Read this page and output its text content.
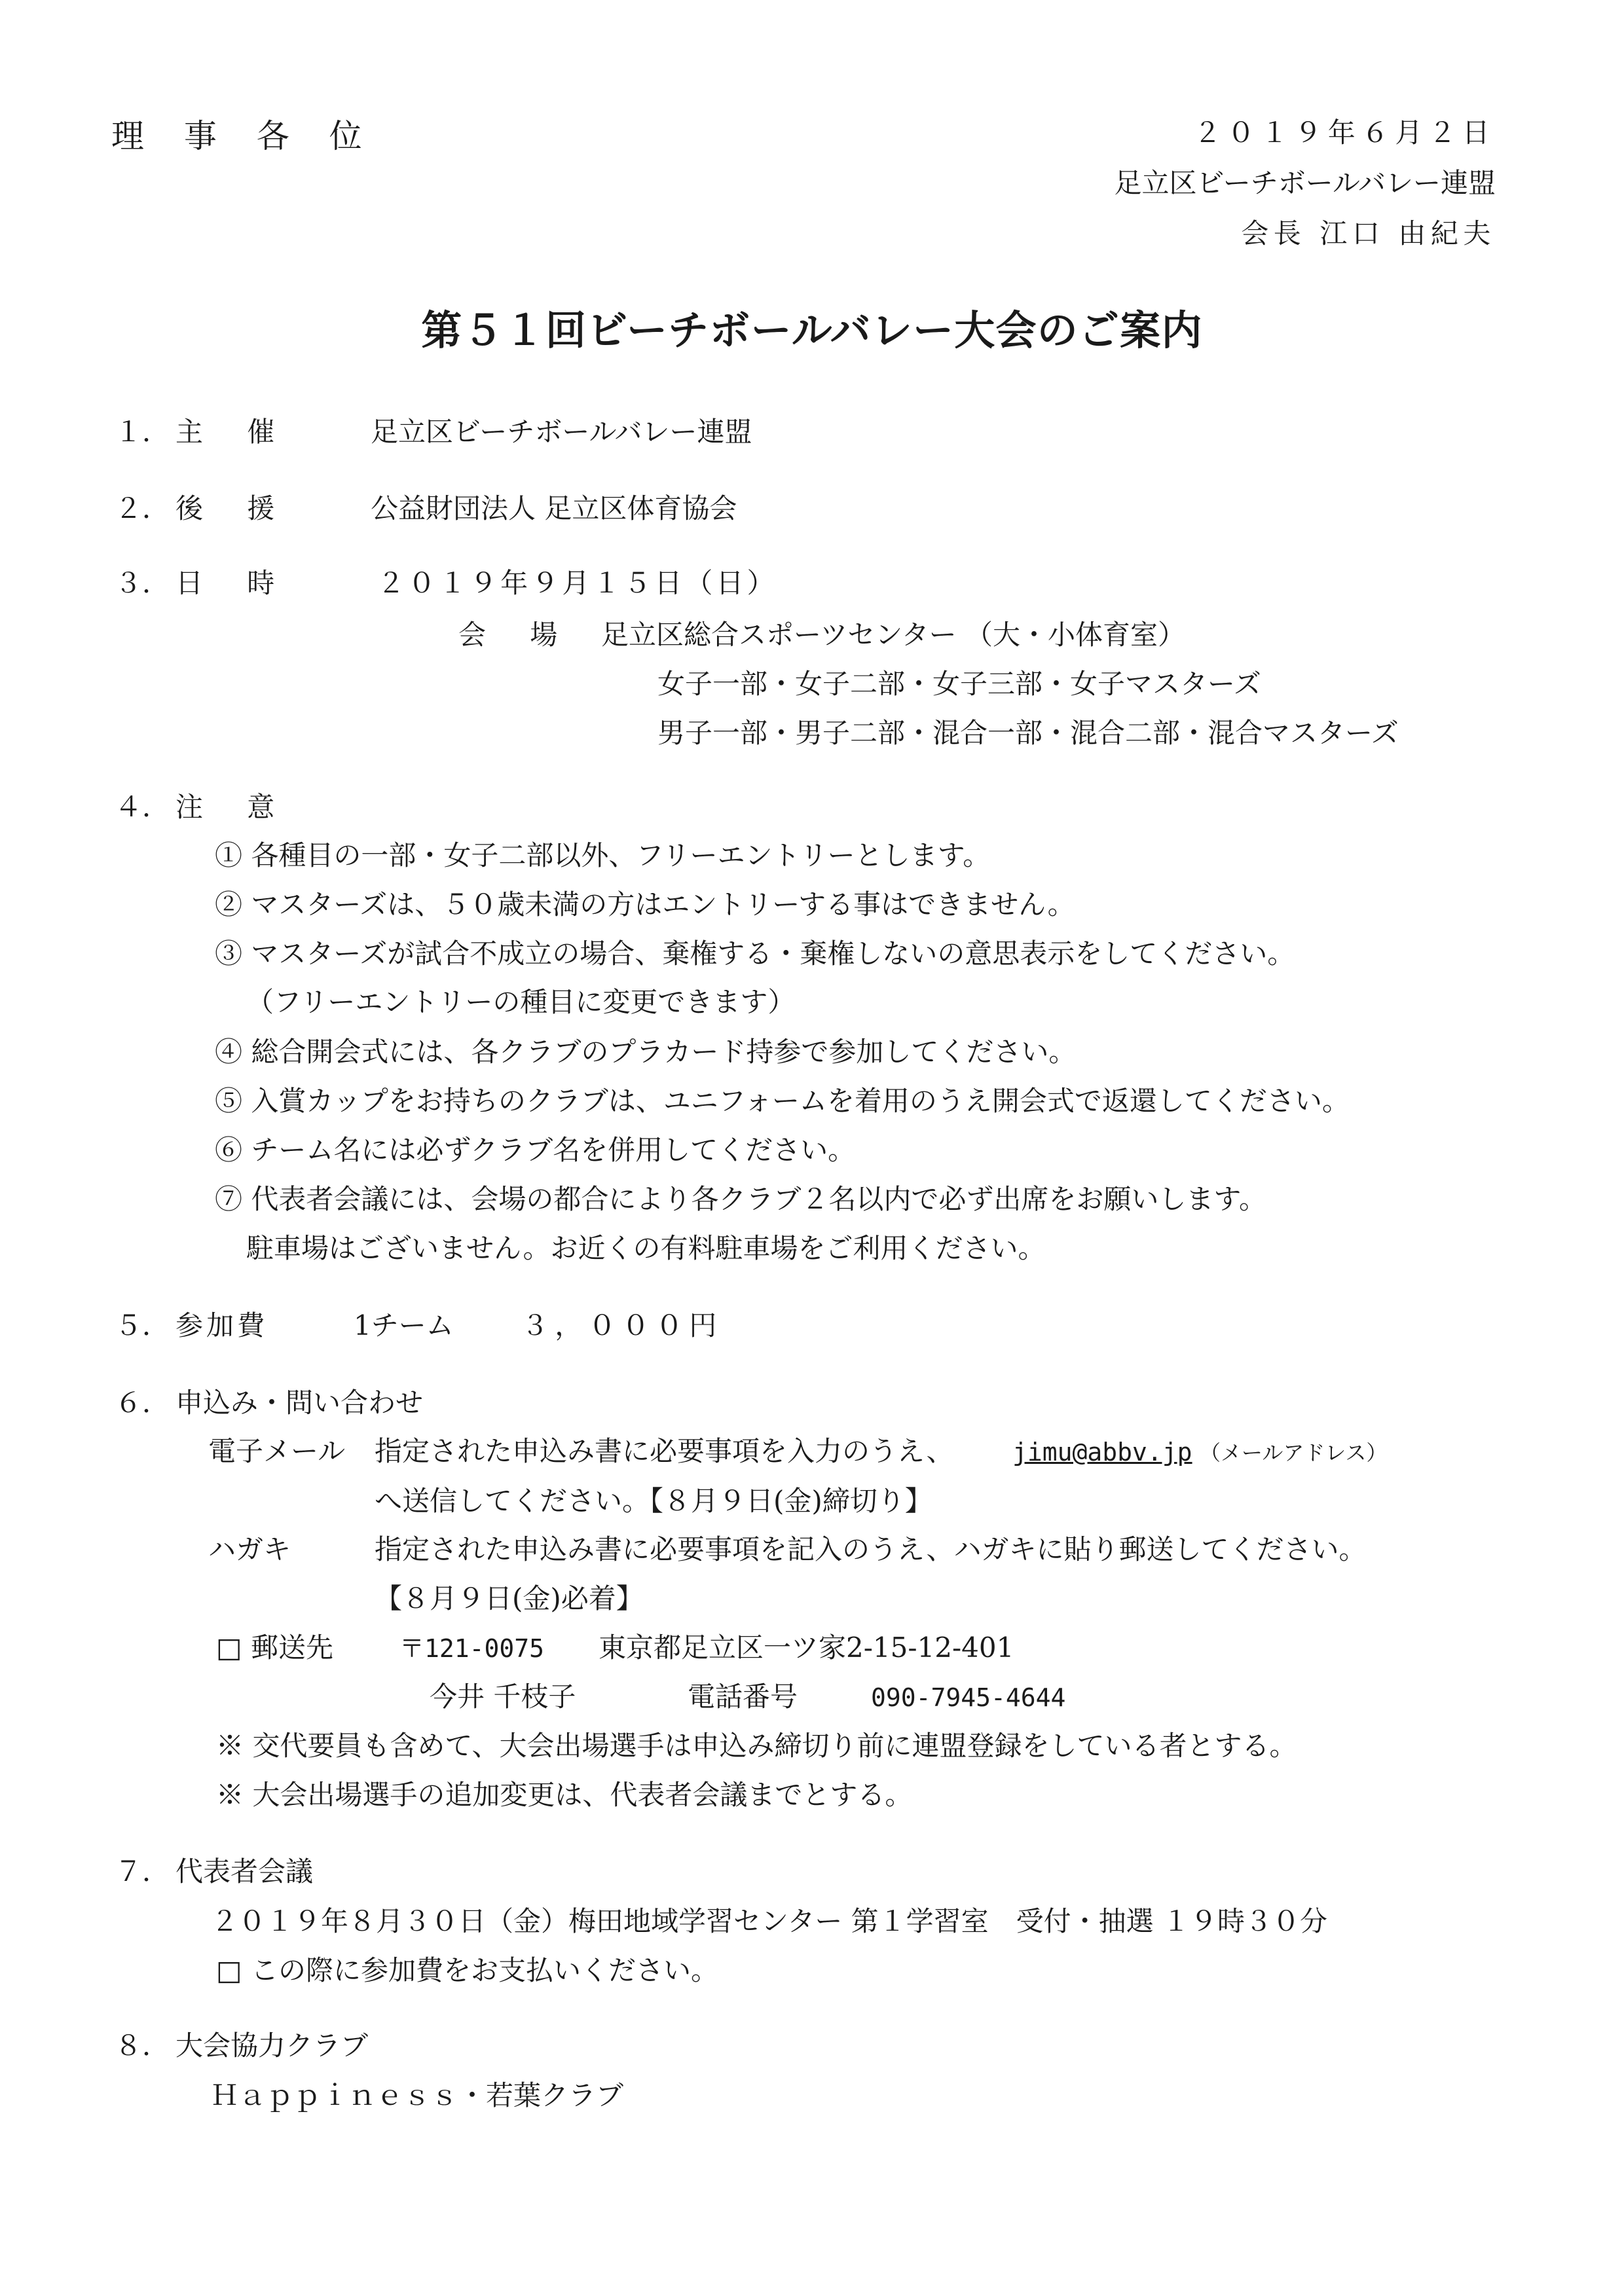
理 事 各 位	２０１９年６月２日
足立区ビーチボールバレー連盟
会長 江口 由紀夫
第５１回ビーチボールバレー大会のご案内
１． 主　催	足立区ビーチボールバレー連盟
２． 後　援	公益財団法人 足立区体育協会
３． 日　時	２０１９年９月１５日（日）
会　場 足立区総合スポーツセンター （大・小体育室）
女子一部・女子二部・女子三部・女子マスターズ
男子一部・男子二部・混合一部・混合二部・混合マスターズ
４． 注　意
① 各種目の一部・女子二部以外、フリーエントリーとします。
② マスターズは、５０歳未満の方はエントリーする事はできません。
③ マスターズが試合不成立の場合、棄権する・棄権しないの意思表示をしてください。
（フリーエントリーの種目に変更できます）
④ 総合開会式には、各クラブのプラカード持参で参加してください。
⑤ 入賞カップをお持ちのクラブは、ユニフォームを着用のうえ開会式で返還してください。
⑥ チーム名には必ずクラブ名を併用してください。
⑦ 代表者会議には、会場の都合により各クラブ２名以内で必ず出席をお願いします。
駐車場はございません。お近くの有料駐車場をご利用ください。
５． 参加費	1チーム ３，０００円
６． 申込み・問い合わせ
電子メール 指定された申込み書に必要事項を入力のうえ、 jimu@abbv.jp （メールアドレス）
へ送信してください。【８月９日(金)締切り】
ハガキ	指定された申込み書に必要事項を記入のうえ、ハガキに貼り郵送してください。
【８月９日(金)必着】
□ 郵送先	〒121-0075 東京都足立区一ツ家2-15-12-401
今井 千枝子	電話番号	090-7945-4644
※ 交代要員も含めて、大会出場選手は申込み締切り前に連盟登録をしている者とする。
※ 大会出場選手の追加変更は、代表者会議までとする。
７． 代表者会議
２０１９年８月３０日（金）梅田地域学習センター 第１学習室　受付・抽選 １９時３０分
□ この際に参加費をお支払いください。
８． 大会協力クラブ
Ｈａｐｐｉｎｅｓｓ・若葉クラブ
